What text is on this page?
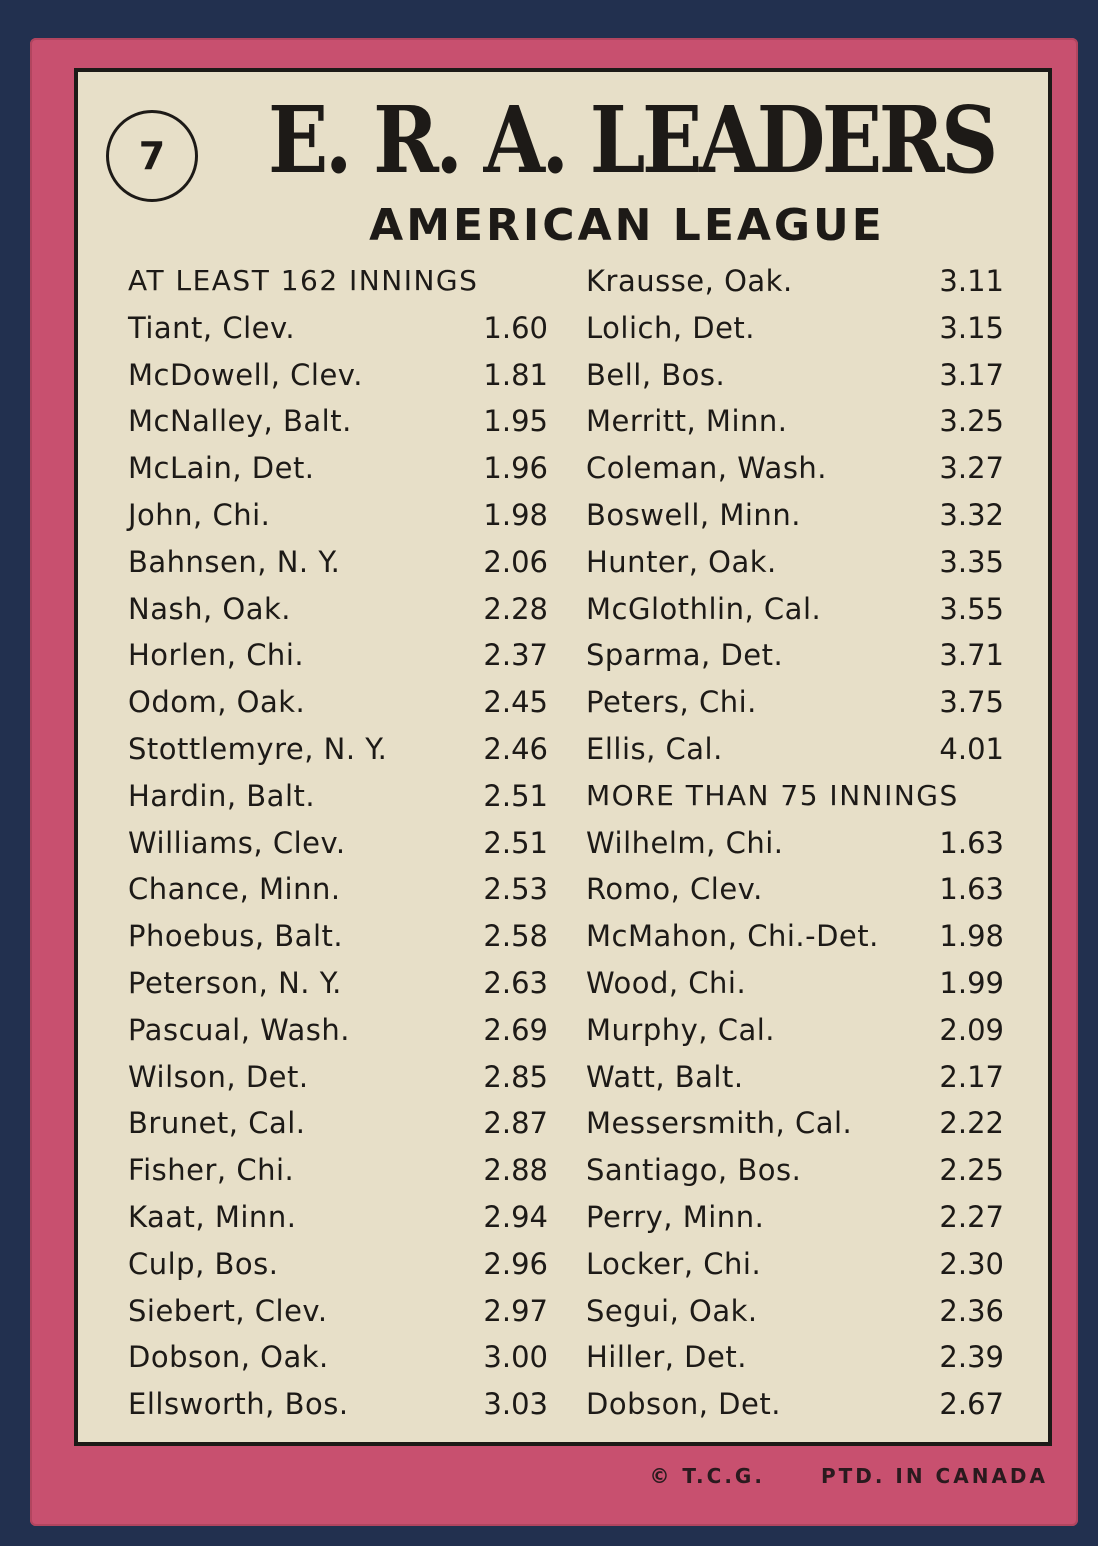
7	E. R. A. LEADERS
AMERICAN LEAGUE
AT LEAST 162 INNINGS
Tiant, Clev.	1.60
McDowell, Clev.	1.81
McNalley, Balt.	1.95
McLain, Det.	1.96
John, Chi.	1.98
Bahnsen, N. Y.	2.06
Nash, Oak.	2.28
Horlen, Chi.	2.37
Odom, Oak.	2.45
Stottlemyre, N. Y.	2.46
Hardin, Balt.	2.51
Williams, Clev.	2.51
Chance, Minn.	2.53
Phoebus, Balt.	2.58
Peterson, N. Y.	2.63
Pascual, Wash.	2.69
Wilson, Det.	2.85
Brunet, Cal.	2.87
Fisher, Chi.	2.88
Kaat, Minn.	2.94
Culp, Bos.	2.96
Siebert, Clev.	2.97
Dobson, Oak.	3.00
Ellsworth, Bos.	3.03
Krausse, Oak.	3.11
Lolich, Det.	3.15
Bell, Bos.	3.17
Merritt, Minn.	3.25
Coleman, Wash.	3.27
Boswell, Minn.	3.32
Hunter, Oak.	3.35
McGlothlin, Cal.	3.55
Sparma, Det.	3.71
Peters, Chi.	3.75
Ellis, Cal.	4.01
MORE THAN 75 INNINGS
Wilhelm, Chi.	1.63
Romo, Clev.	1.63
McMahon, Chi.-Det. 1.98
Wood, Chi.	1.99
Murphy, Cal.	2.09
Watt, Balt.	2.17
Messersmith, Cal.	2.22
Santiago, Bos.	2.25
Perry, Minn.	2.27
Locker, Chi.	2.30
Segui, Oak.	2.36
Hiller, Det.	2.39
Dobson, Det.	2.67
© T.C.G.	PTD. IN CANADA
